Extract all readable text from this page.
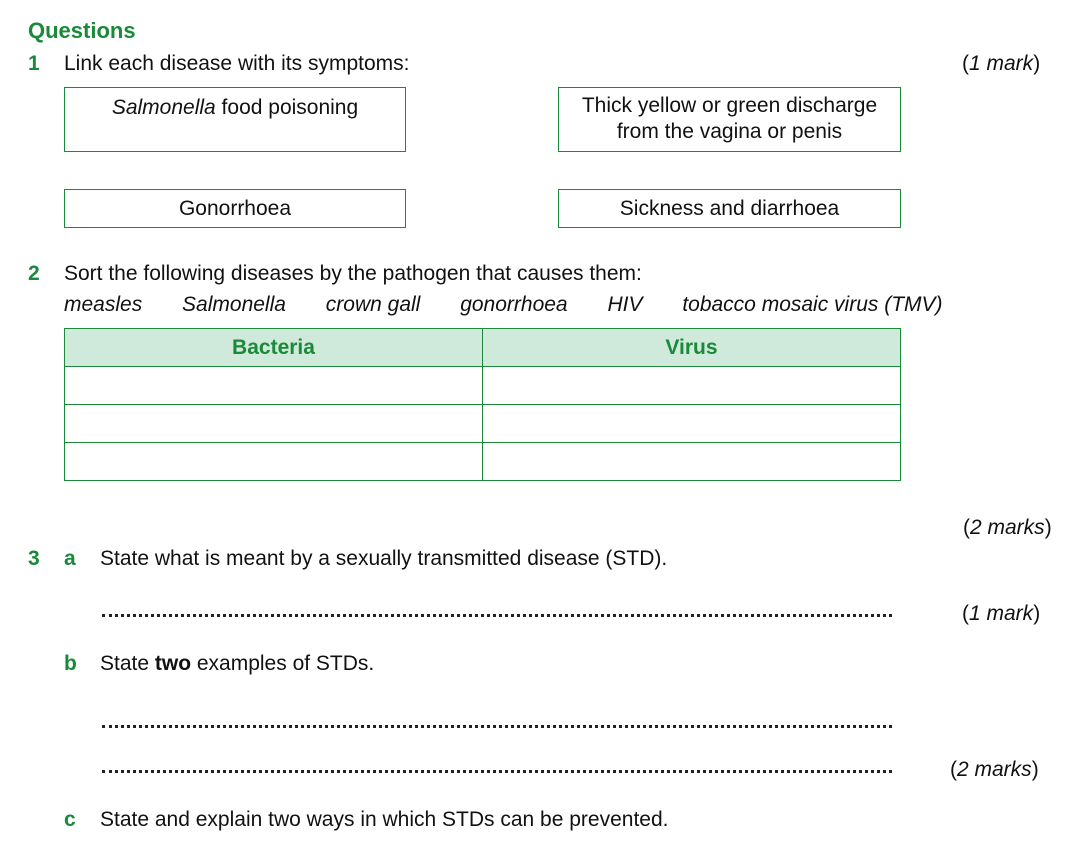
Questions
1 Link each disease with its symptoms:	(1 mark)
Salmonella food poisoning	Thick yellow or green discharge
from the vagina or penis
Gonorrhoea	Sickness and diarrhoea
2 Sort the following diseases by the pathogen that causes them:
measles Salmonella crown gall gonorrhoea HIV tobacco mosaic virus (TMV)
Bacteria	Virus

(2 marks)
3 a State what is meant by a sexually transmitted disease (STD).
(1 mark)
b State two examples of STDs.
(2 marks)
c State and explain two ways in which STDs can be prevented.
